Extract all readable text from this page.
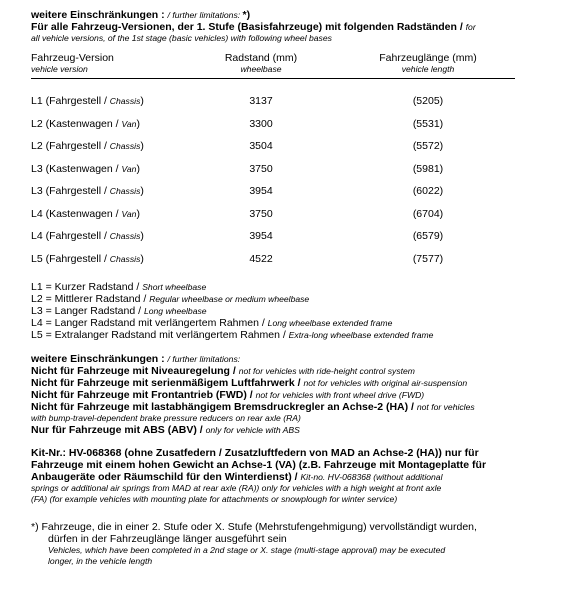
weitere Einschränkungen : / further limitations: *)
Für alle Fahrzeug-Versionen, der 1. Stufe (Basisfahrzeuge) mit folgenden Radständen / for
all vehicle versions, of the 1st stage (basic vehicles) with following wheel bases
Fahrzeug-Version
vehicle version
Radstand (mm)
wheelbase
Fahrzeuglänge (mm)
vehicle length
L1 (Fahrgestell / Chassis)	3137	(5205)
L2 (Kastenwagen / Van)	3300	(5531)
L2 (Fahrgestell / Chassis)	3504	(5572)
L3 (Kastenwagen / Van)	3750	(5981)
L3 (Fahrgestell / Chassis)	3954	(6022)
L4 (Kastenwagen / Van)	3750	(6704)
L4 (Fahrgestell / Chassis)	3954	(6579)
L5 (Fahrgestell / Chassis)	4522	(7577)
L1 = Kurzer Radstand / Short wheelbase
L2 = Mittlerer Radstand / Regular wheelbase or medium wheelbase
L3 = Langer Radstand / Long wheelbase
L4 = Langer Radstand mit verlängertem Rahmen / Long wheelbase extended frame
L5 = Extralanger Radstand mit verlängertem Rahmen / Extra-long wheelbase extended frame
weitere Einschränkungen : / further limitations:
Nicht für Fahrzeuge mit Niveauregelung / not for vehicles with ride-height control system
Nicht für Fahrzeuge mit serienmäßigem Luftfahrwerk / not for vehicles with original air-suspension
Nicht für Fahrzeuge mit Frontantrieb (FWD) / not for vehicles with front wheel drive (FWD)
Nicht für Fahrzeuge mit lastabhängigem Bremsdruckregler an Achse-2 (HA) / not for vehicles
with bump-travel-dependent brake pressure reducers on rear axle (RA)
Nur für Fahrzeuge mit ABS (ABV) / only for vehicle with ABS
Kit-Nr.: HV-068368 (ohne Zusatfedern / Zusatzluftfedern von MAD an Achse-2 (HA)) nur für
Fahrzeuge mit einem hohen Gewicht an Achse-1 (VA) (z.B. Fahrzeuge mit Montageplatte für
Anbaugeräte oder Räumschild für den Winterdienst) / Kit-no. HV-068368 (without additional
springs or additional air springs from MAD at rear axle (RA)) only for vehicles with a high weight at front axle
(FA) (for example vehicles with mounting plate for attachments or snowplough for winter service)
*) Fahrzeuge, die in einer 2. Stufe oder X. Stufe (Mehrstufengehmigung) vervollständigt wurden,
dürfen in der Fahrzeuglänge länger ausgeführt sein
Vehicles, which have been completed in a 2nd stage or X. stage (multi-stage approval) may be executed
longer, in the vehicle length
